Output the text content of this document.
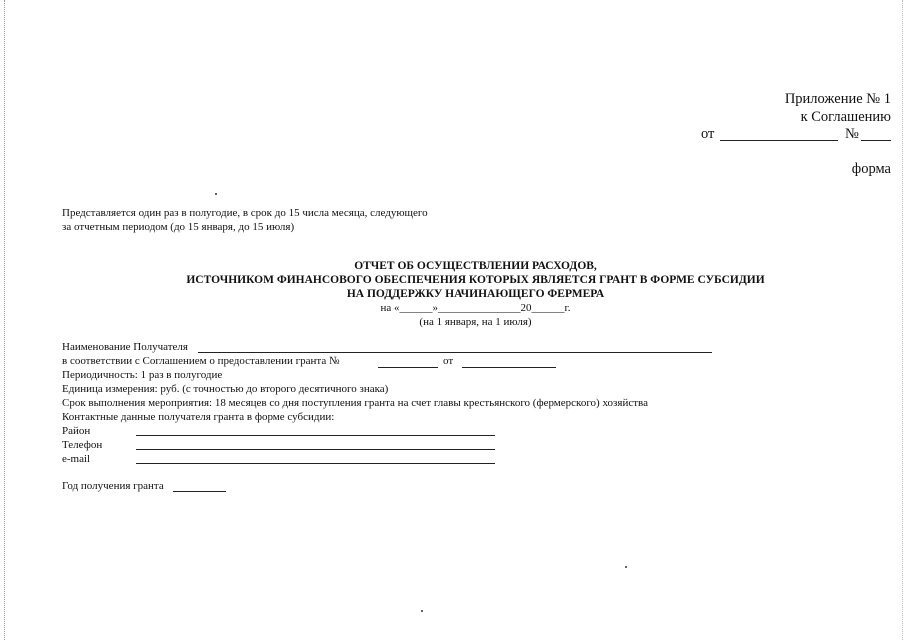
Приложение № 1
к Соглашению
от	№
форма
Представляется один раз в полугодие, в срок до 15 числа месяца, следующего
за отчетным периодом (до 15 января, до 15 июля)
ОТЧЕТ ОБ ОСУЩЕСТВЛЕНИИ РАСХОДОВ,
ИСТОЧНИКОМ ФИНАНСОВОГО ОБЕСПЕЧЕНИЯ КОТОРЫХ ЯВЛЯЕТСЯ ГРАНТ В ФОРМЕ СУБСИДИИ
НА ПОДДЕРЖКУ НАЧИНАЮЩЕГО ФЕРМЕРА
на «______»_______________20______г.
(на 1 января, на 1 июля)
Наименование Получателя
в соответствии с Соглашением о предоставлении гранта №	от
Периодичность: 1 раз в полугодие
Единица измерения: руб. (с точностью до второго десятичного знака)
Срок выполнения мероприятия: 18 месяцев со дня поступления гранта на счет главы крестьянского (фермерского) хозяйства
Контактные данные получателя гранта в форме субсидии:
Район
Телефон
e-mail
Год получения гранта
